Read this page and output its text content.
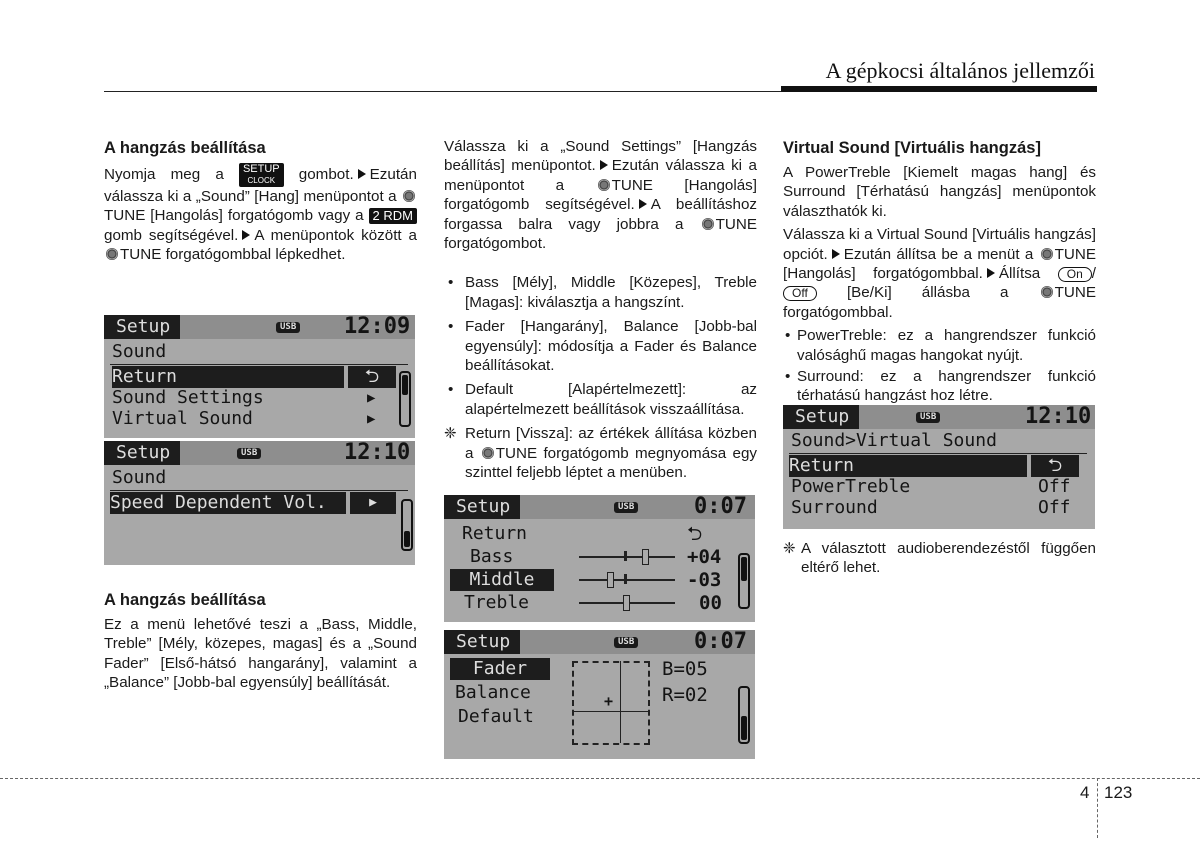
A gépkocsi általános jellemzői
A hangzás beállítása

Nyomja meg a SETUP
CLOCK gombot. Ezután válassza ki a „Sound” [Hang] menüpontot a TUNE [Hangolás] forgatógomb vagy a 2 RDM gomb segítségével. A menüpontok között a TUNE forgatógombbal lépkedhet.

A hangzás beállítása

Ez a menü lehetővé teszi a „Bass, Middle, Treble” [Mély, közepes, magas] és a „Sound Fader” [Első-hátsó hangarány], valamint a „Balance” [Jobb-bal egyensúly] beállítását.

Setup	USB 12:09
Sound
Return	⮌
Sound Settings	▶
Virtual Sound	▶
Setup	USB	12:10
Sound
Speed Dependent Vol.	▶

Válassza ki a „Sound Settings” [Hangzás beállítás] menüpontot. Ezután válassza ki a menüpontot a	TUNE [Hangolás] forgatógomb segítségével. A beállításhoz forgassa balra vagy jobbra a TUNE forgatógombot.

• Bass [Mély], Middle [Közepes], Treble [Magas]: kiválasztja a hangszínt.
• Fader [Hangarány], Balance [Jobb-bal egyensúly]: módosítja a Fader és Balance beállításokat.
• Default [Alapértelmezett]: az alapértelmezett beállítások visszaállítása.
❈ Return [Vissza]: az értékek állítása közben a TUNE forgatógomb megnyomása egy szinttel feljebb léptet a menüben.
Setup	USB	0:07
Return	⮌
Bass	+04
Middle	-03
Treble	00
Setup	USB	0:07
Fader
Balance
Default
+
B=05
R=02
Virtual Sound [Virtuális hangzás]

A PowerTreble [Kiemelt magas hang] és Surround [Térhatású hangzás] menüpontok választhatók ki.

Válassza ki a Virtual Sound [Virtuális hangzás] opciót. Ezután állítsa be a menüt a TUNE [Hangolás] forgatógombbal. Állítsa On /Off	[Be/Ki] állásba a	TUNE forgatógombbal.

• PowerTreble: ez a hangrendszer funkció valósághű magas hangokat nyújt.
• Surround: ez a hangrendszer funkció térhatású hangzást hoz létre.
Setup	USB	12:10
Sound>Virtual Sound
Return	⮌
PowerTreble	Off
Surround	Off
❈ A választott audioberendezéstől függően eltérő lehet.
4 123
